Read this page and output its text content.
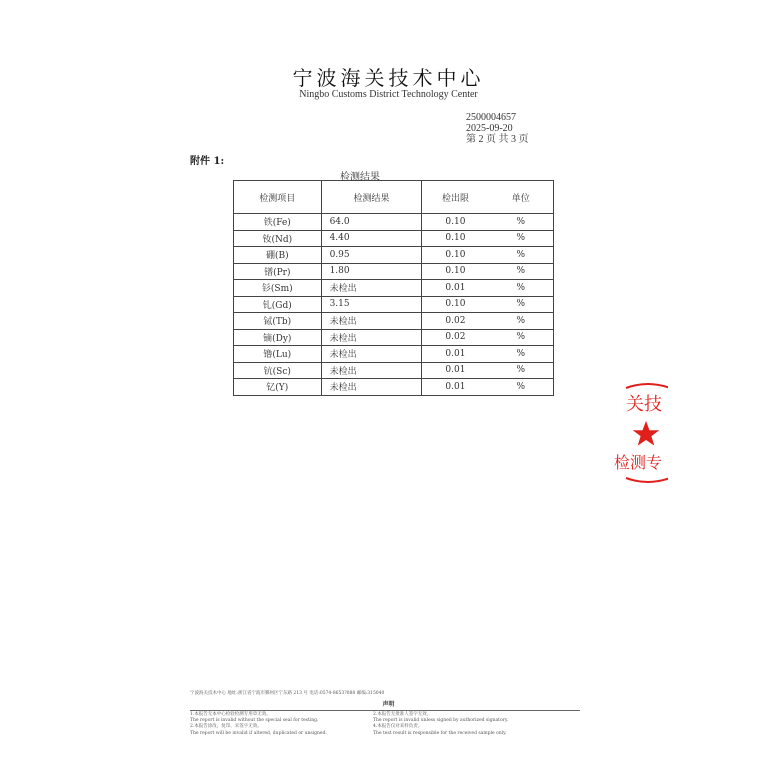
宁波海关技术中心
Ningbo Customs District Technology Center
2500004657
2025-09-20
第 2 页 共 3 页
附件 1:
检测结果
检测项目	检测结果	检出限	单位
铁(Fe)	64.0	0.10	%
钕(Nd)	4.40	0.10	%
硼(B)	0.95	0.10	%
镨(Pr)	1.80	0.10	%
钐(Sm)	未检出	0.01	%
钆(Gd)	3.15	0.10	%
铽(Tb)	未检出	0.02	%
镝(Dy)	未检出	0.02	%
镥(Lu)	未检出	0.01	%
钪(Sc)	未检出	0.01	%
钇(Y)	未检出	0.01	%
关技
检测专
宁波海关技术中心 地址:浙江省宁波市鄞州区宁东路 213 号 电话:0574-8653?088 邮编:315040
声明
1.本报告无本中心检验检测专用章无效。
The report is invalid without the special seal for testing.
2.本报告涂改、复印、未签字无效。
The report will be invalid if altered, duplicated or unsigned.
2.本报告无批准人签字无效。
The report is invalid unless signed by authorized signatory.
4.本报告仅对来样负责。
The test result is responsible for the received sample only.
